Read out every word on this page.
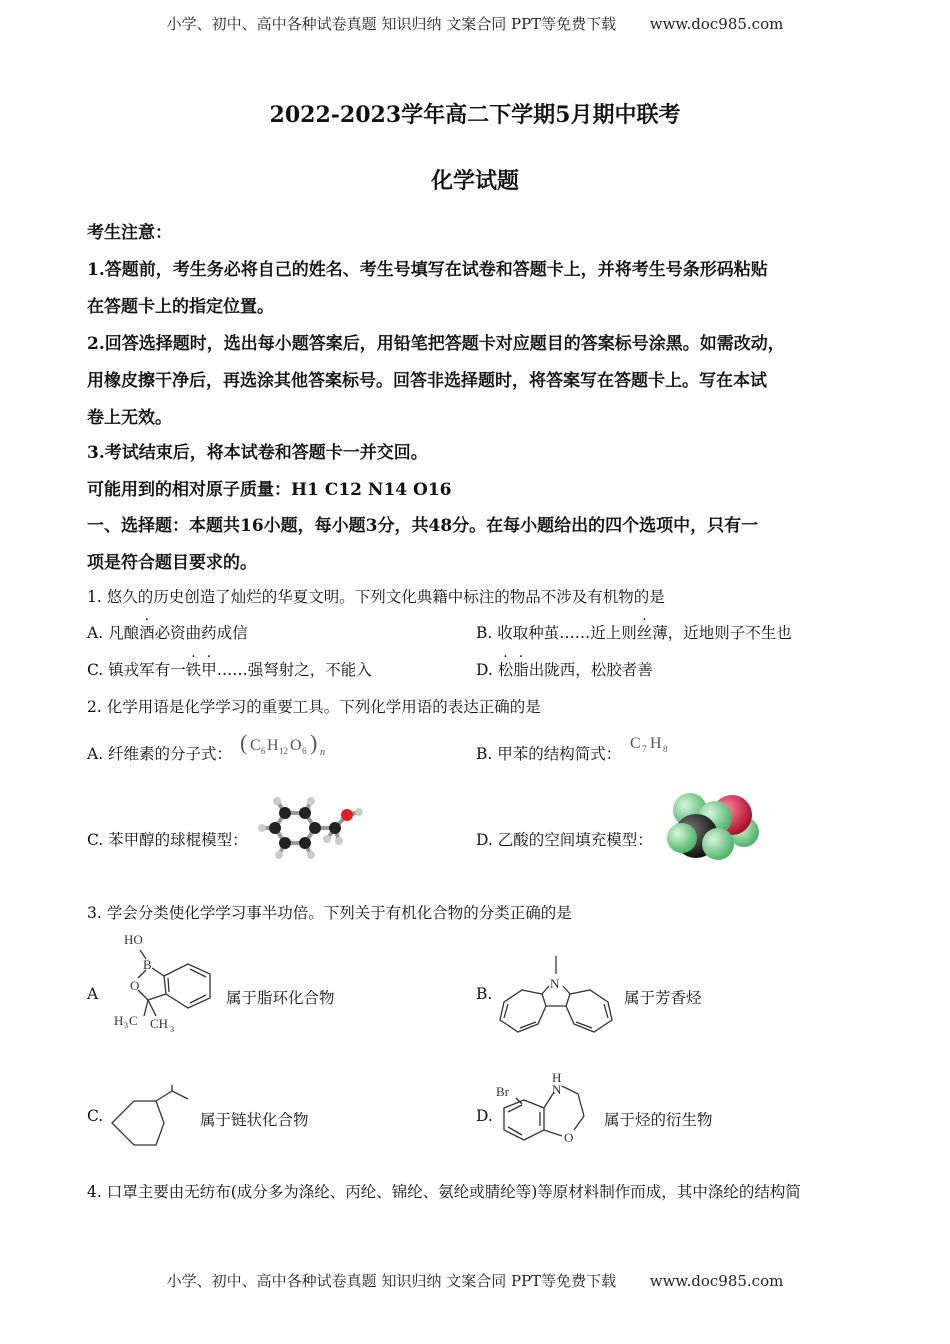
小学、初中、高中各种试卷真题 知识归纳 文案合同 PPT等免费下载 www.doc985.com
2022-2023学年高二下学期5月期中联考
化学试题
考生注意：
1.答题前，考生务必将自己的姓名、考生号填写在试卷和答题卡上，并将考生号条形码粘贴
在答题卡上的指定位置。
2.回答选择题时，选出每小题答案后，用铅笔把答题卡对应题目的答案标号涂黑。如需改动，
用橡皮擦干净后，再选涂其他答案标号。回答非选择题时，将答案写在答题卡上。写在本试
卷上无效。
3.考试结束后，将本试卷和答题卡一并交回。
可能用到的相对原子质量：H1 C12 N14 O16
一、选择题：本题共16小题，每小题3分，共48分。在每小题给出的四个选项中，只有一
项是符合题目要求的。
1. 悠久的历史创造了灿烂的华夏文明。下列文化典籍中标注的物品不涉及有机物的是
A. 凡酿酒必资曲药成信	B. 收取种茧……近上则丝薄，近地则子不生也
C. 镇戎军有一铁甲……强弩射之，不能入	D. 松脂出陇西，松胶者善
2. 化学用语是化学学习的重要工具。下列化学用语的表达正确的是
A. 纤维素的分子式： ( C 6 H 12 O 6 ) n	B. 甲苯的结构简式：
C 7 H 8
C. 苯甲醇的球棍模型：	D. 乙酸的空间填充模型：
3. 学会分类使化学学习事半功倍。下列关于有机化合物的分类正确的是
A
HO
B
O
H 3 C CH 3
属于脂环化合物	B.
N
属于芳香烃
C.	属于链状化合物	D.
Br
H
N
O
属于烃的衍生物
4. 口罩主要由无纺布(成分多为涤纶、丙纶、锦纶、氨纶或腈纶等)等原材料制作而成，其中涤纶的结构简
小学、初中、高中各种试卷真题 知识归纳 文案合同 PPT等免费下载 www.doc985.com
